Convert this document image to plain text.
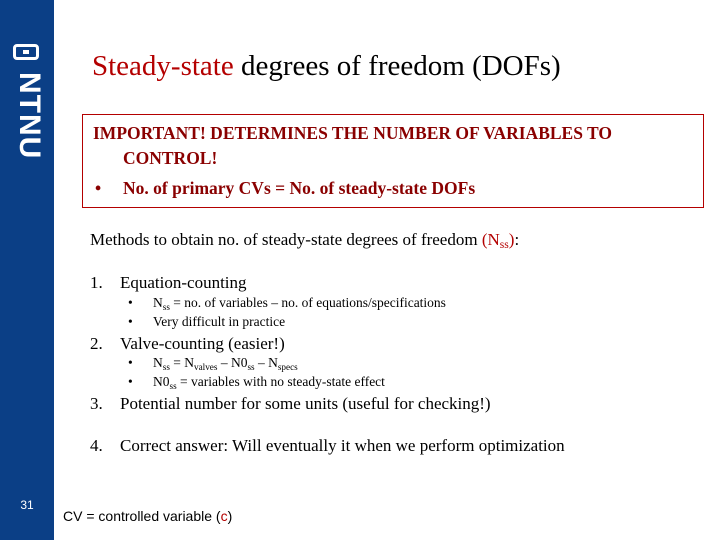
NTNU
31
Steady-state degrees of freedom (DOFs)
IMPORTANT! DETERMINES THE NUMBER OF VARIABLES TO
CONTROL!
• No. of primary CVs = No. of steady-state DOFs
Methods to obtain no. of steady-state degrees of freedom $(N_{ss})$:
1. Equation-counting
• $N_{ss}$ = no. of variables – no. of equations/specifications
• Very difficult in practice
2. Valve-counting (easier!)
• $N_{ss} = N_{valves} - N0_{ss} - N_{specs}$
• $N0_{ss}$ = variables with no steady-state effect
3. Potential number for some units (useful for checking!)
4. Correct answer: Will eventually it when we perform optimization
CV = controlled variable (c)
